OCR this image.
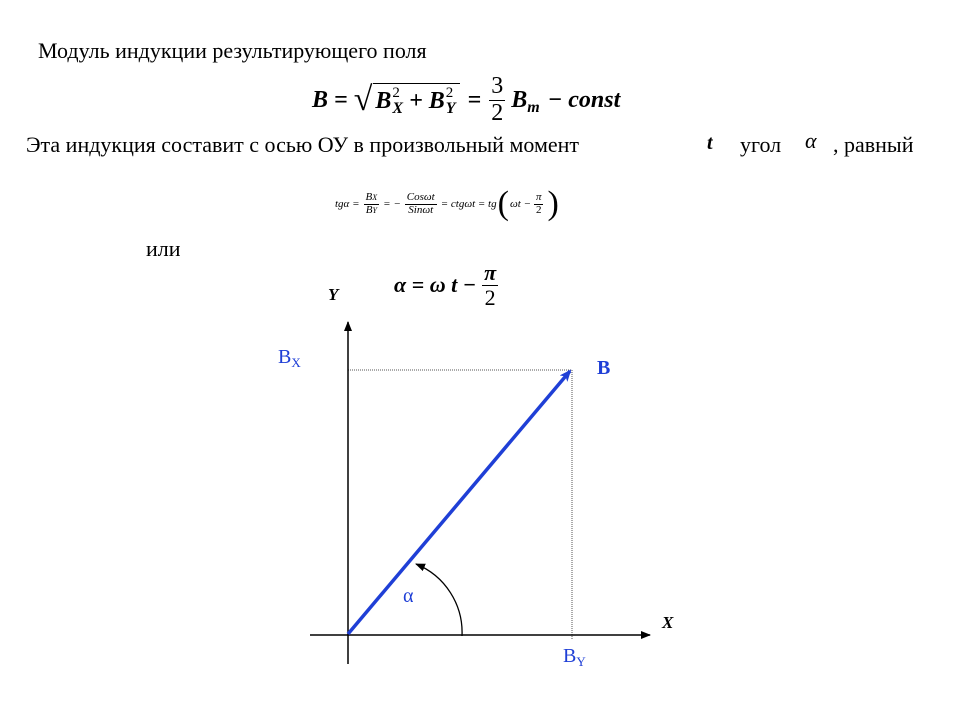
Модуль индукции результирующего поля
B = √ B 2
X + B 2
$Y = \frac{3}{2}$ B m − const
Эта индукция составит с осью ОУ в произвольный момент	t угол α , равный
$tg\alpha = \frac{BX}{BY}$ = − $\frac{\text{Cosωt}}{\text{Sinωt}} = ctg\omega t$ = tg ( $\omega t - \frac{\pi}{2}$ )
или
α = ω $t - \frac{\pi}{2}$
Y
X
$B_X$
$B_Y$
B
α
